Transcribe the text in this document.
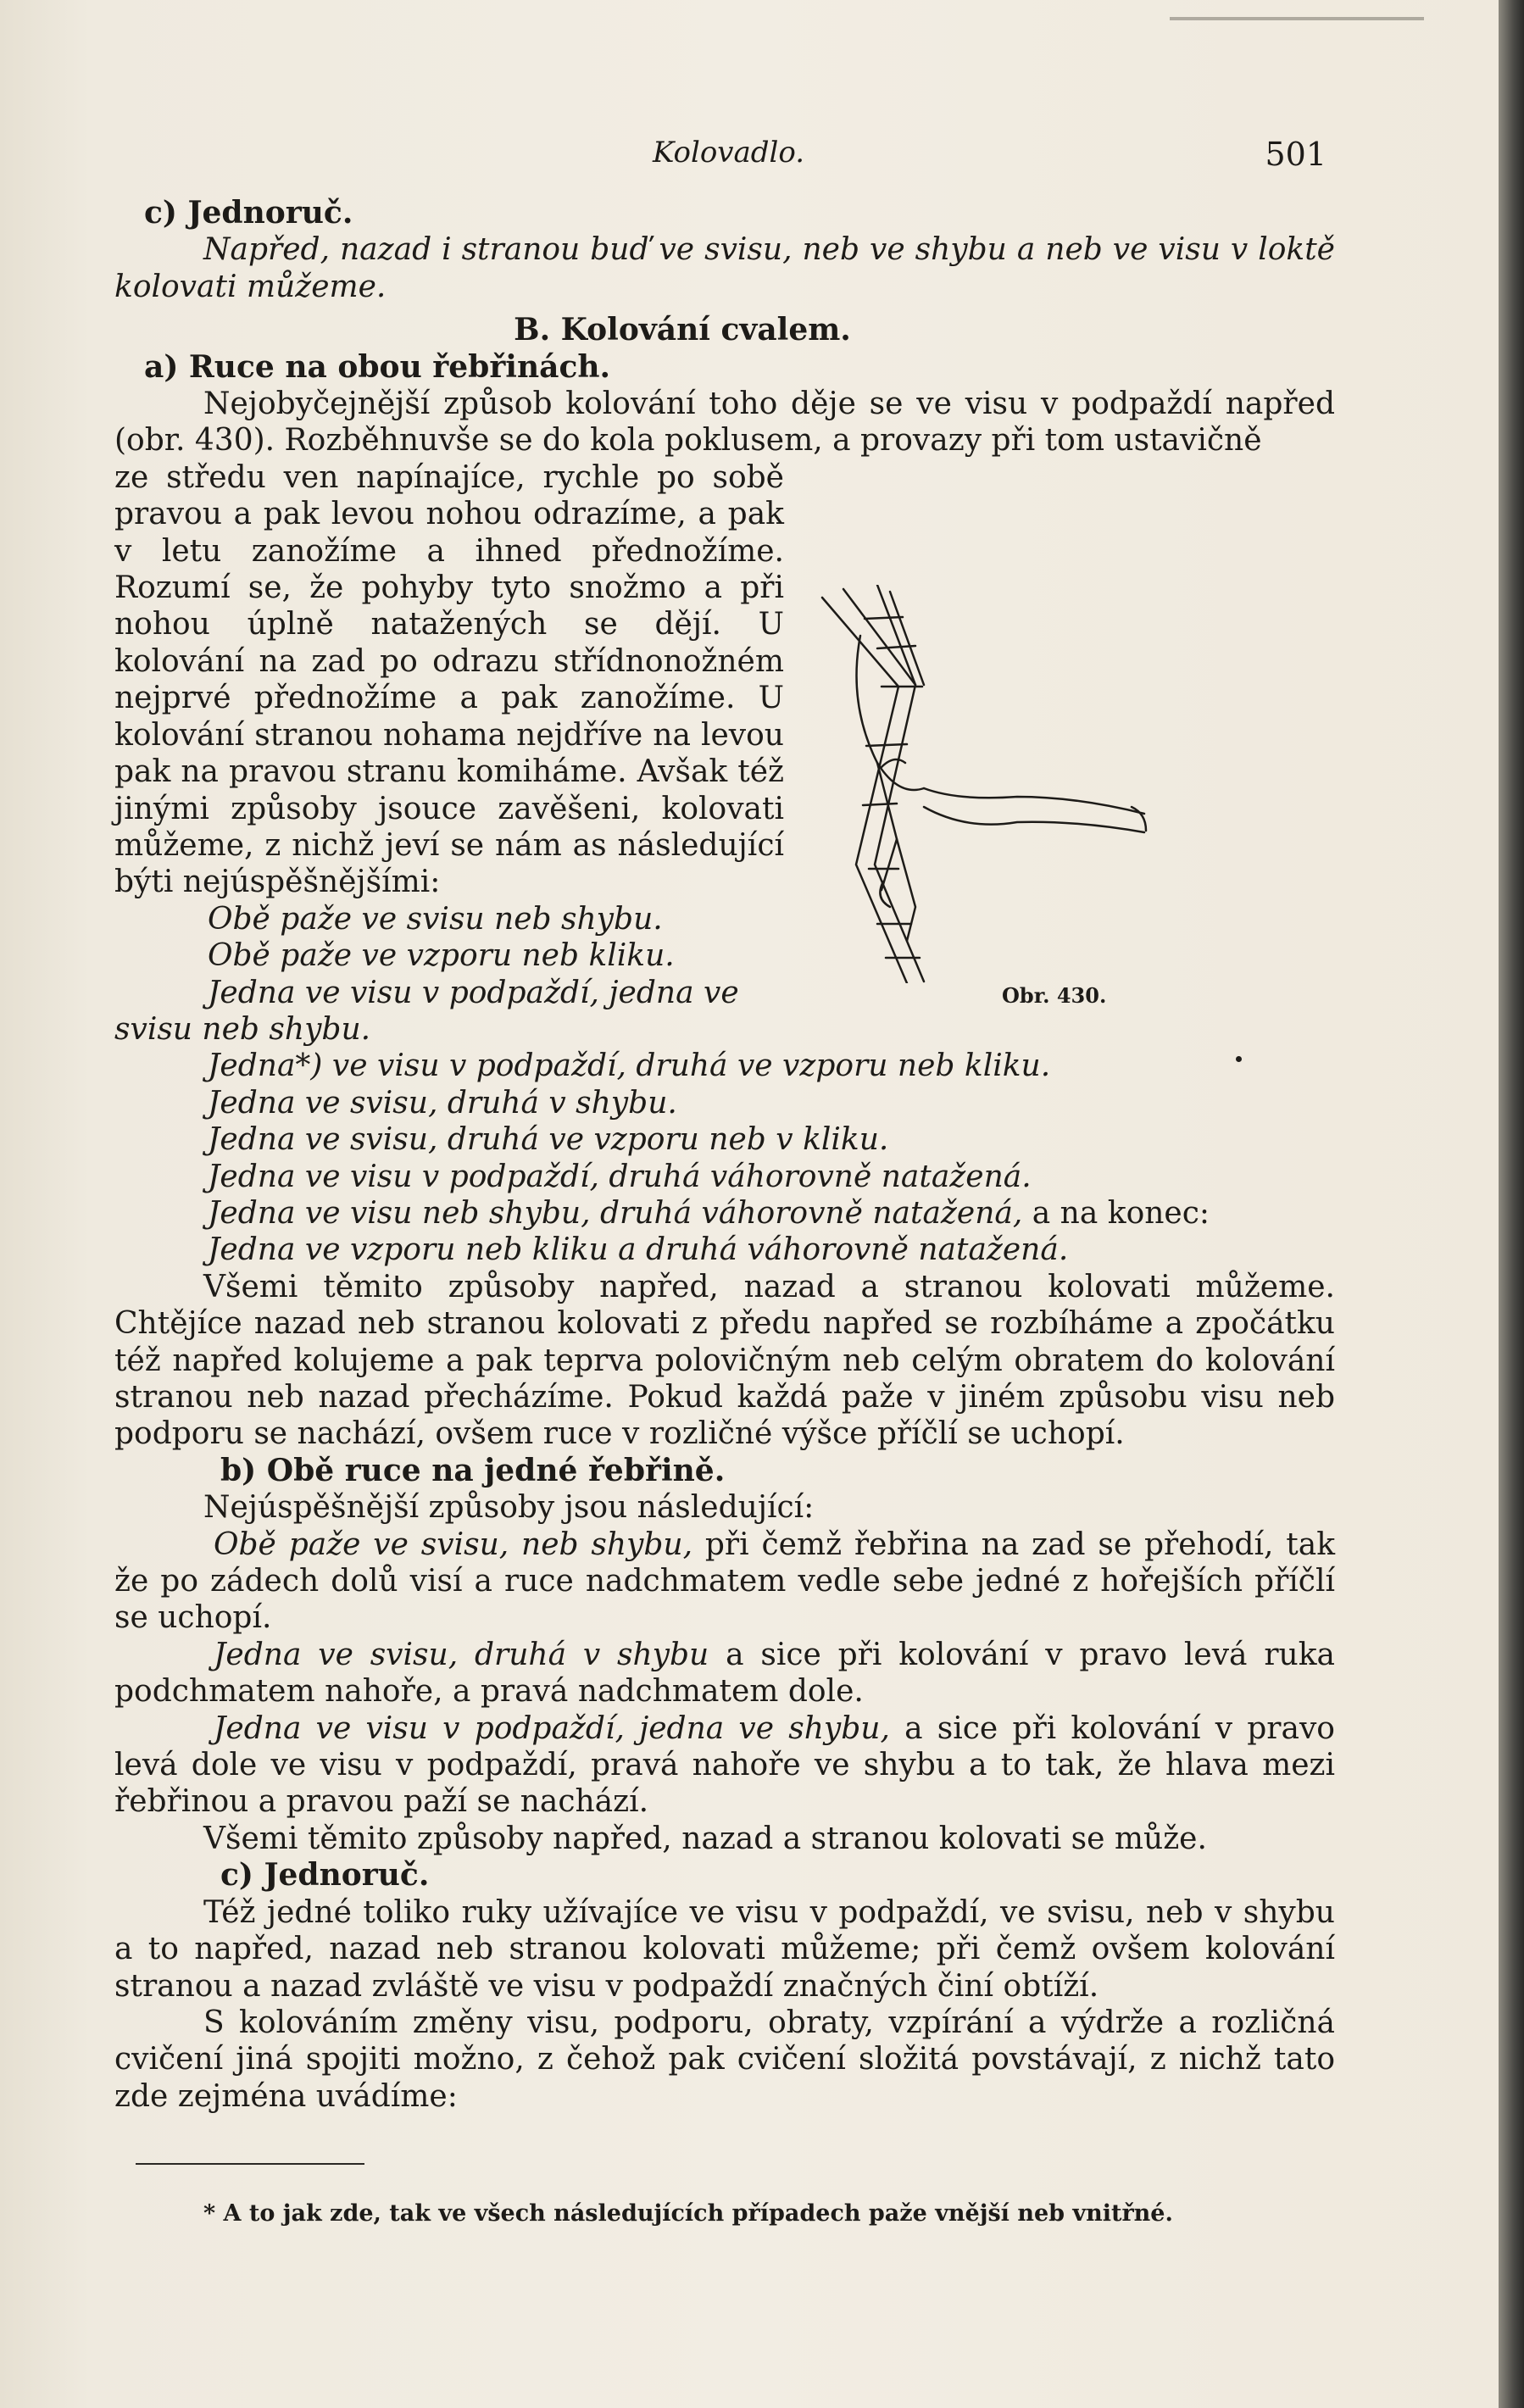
Kolovadlo.	501

c) Jednoruč.

Napřed, nazad i stranou buď ve svisu, neb ve shybu a neb ve visu v loktě kolovati můžeme.

B. Kolování cvalem.

a) Ruce na obou řebřinách.

Nejobyčejnější způsob kolování toho děje se ve visu v podpaždí napřed (obr. 430). Rozběhnuvše se do kola poklusem, a provazy při tom ustavičně

ze středu ven napínajíce, rychle po sobě pravou a pak levou nohou odrazíme, a pak v letu zanožíme a ihned přednožíme. Rozumí se, že pohyby tyto snožmo a při nohou úplně natažených se dějí. U kolování na zad po odrazu střídnonožném nejprvé přednožíme a pak zanožíme. U kolování stranou nohama nejdříve na levou pak na pravou stranu komiháme. Avšak též jinými způsoby jsouce zavěšeni, kolovati můžeme, z nichž jeví se nám as následující býti nejúspěšnějšími:

Obě paže ve svisu neb shybu.

Obě paže ve vzporu neb kliku.

Jedna ve visu v podpaždí, jedna ve svisu neb shybu.

Jedna*) ve visu v podpaždí, druhá ve vzporu neb kliku.

Jedna ve svisu, druhá v shybu.

Jedna ve svisu, druhá ve vzporu neb v kliku.

Jedna ve visu v podpaždí, druhá váhorovně natažená.

Jedna ve visu neb shybu, druhá váhorovně natažená, a na konec:

Jedna ve vzporu neb kliku a druhá váhorovně natažená.

Všemi těmito způsoby napřed, nazad a stranou kolovati můžeme. Chtějíce nazad neb stranou kolovati z předu napřed se rozbíháme a zpočátku též napřed kolujeme a pak teprva polovičným neb celým obratem do kolování stranou neb nazad přecházíme. Pokud každá paže v jiném způsobu visu neb podporu se nachází, ovšem ruce v rozličné výšce příčlí se uchopí.

b) Obě ruce na jedné řebřině.

Nejúspěšnější způsoby jsou následující:

Obě paže ve svisu, neb shybu, při čemž řebřina na zad se přehodí, tak že po zádech dolů visí a ruce nadchmatem vedle sebe jedné z hořejších příčlí se uchopí.

Jedna ve svisu, druhá v shybu a sice při kolování v pravo levá ruka podchmatem nahoře, a pravá nadchmatem dole.

Jedna ve visu v podpaždí, jedna ve shybu, a sice při kolování v pravo levá dole ve visu v podpaždí, pravá nahoře ve shybu a to tak, že hlava mezi řebřinou a pravou paží se nachází.

Všemi těmito způsoby napřed, nazad a stranou kolovati se může.

c) Jednoruč.

Též jedné toliko ruky užívajíce ve visu v podpaždí, ve svisu, neb v shybu a to napřed, nazad neb stranou kolovati můžeme; při čemž ovšem kolování stranou a nazad zvláště ve visu v podpaždí značných činí obtíží.

S kolováním změny visu, podporu, obraty, vzpírání a výdrže a rozličná cvičení jiná spojiti možno, z čehož pak cvičení složitá povstávají, z nichž tato zde zejména uvádíme:

Obr. 430.
* A to jak zde, tak ve všech následujících případech paže vnější neb vnitřné.
